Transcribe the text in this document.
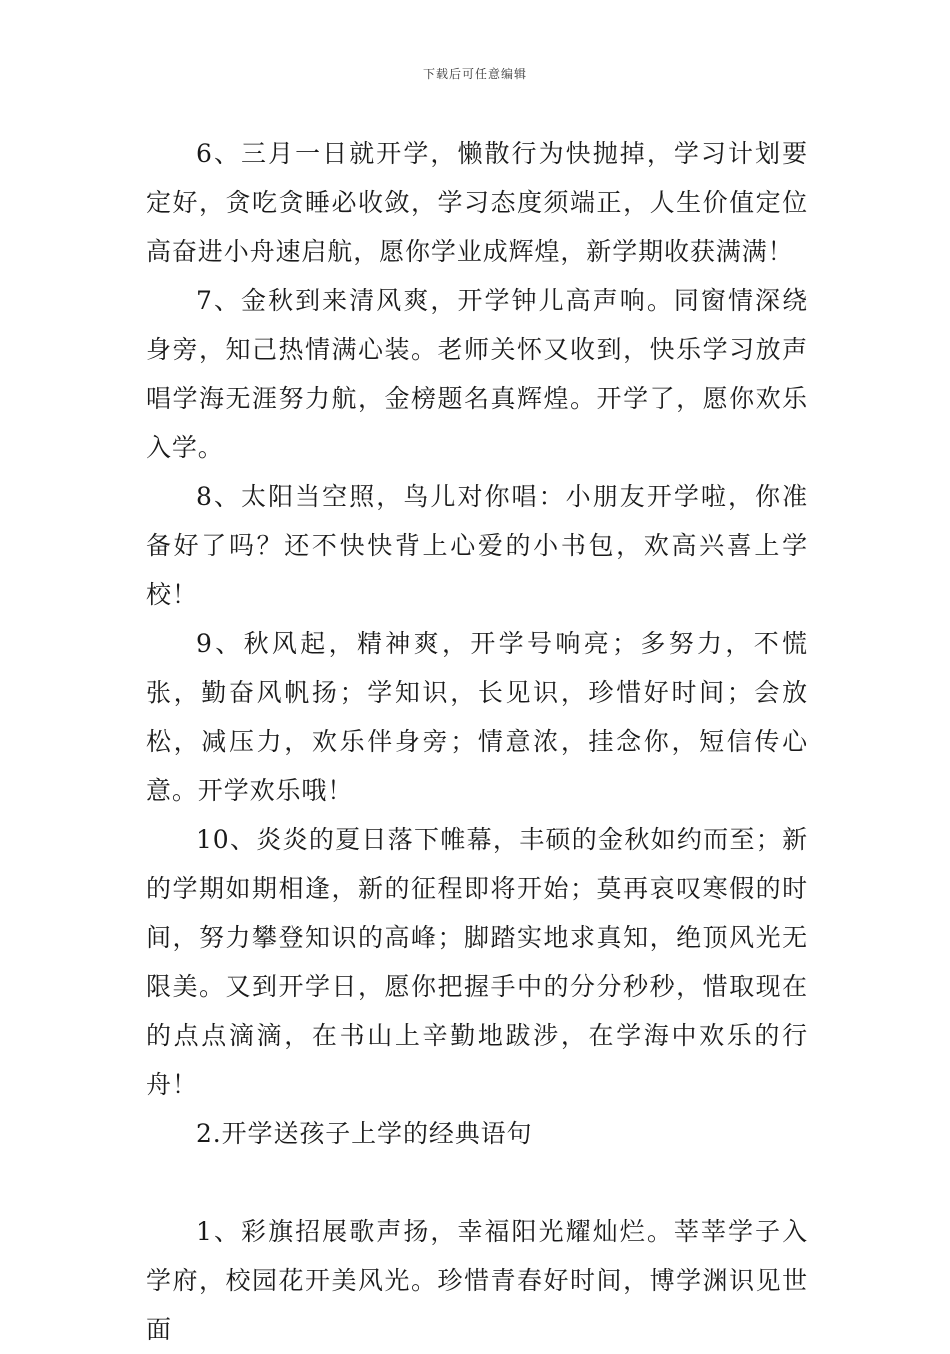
下载后可任意编辑

6、三月一日就开学，懒散行为快抛掉，学习计划要定好，贪吃贪睡必收敛，学习态度须端正，人生价值定位高奋进小舟速启航，愿你学业成辉煌，新学期收获满满！

7、金秋到来清风爽，开学钟儿高声响。同窗情深绕身旁，知己热情满心装。老师关怀又收到，快乐学习放声唱学海无涯努力航，金榜题名真辉煌。开学了，愿你欢乐入学。

8、太阳当空照，鸟儿对你唱：小朋友开学啦，你准备好了吗？还不快快背上心爱的小书包，欢高兴喜上学校！

9、秋风起，精神爽，开学号响亮；多努力，不慌张，勤奋风帆扬；学知识，长见识，珍惜好时间；会放松，减压力，欢乐伴身旁；情意浓，挂念你，短信传心意。开学欢乐哦！

10、炎炎的夏日落下帷幕，丰硕的金秋如约而至；新的学期如期相逢，新的征程即将开始；莫再哀叹寒假的时间，努力攀登知识的高峰；脚踏实地求真知，绝顶风光无限美。又到开学日，愿你把握手中的分分秒秒，惜取现在的点点滴滴，在书山上辛勤地跋涉，在学海中欢乐的行舟！

2.开学送孩子上学的经典语句

1、彩旗招展歌声扬，幸福阳光耀灿烂。莘莘学子入学府，校园花开美风光。珍惜青春好时间，博学渊识见世面
